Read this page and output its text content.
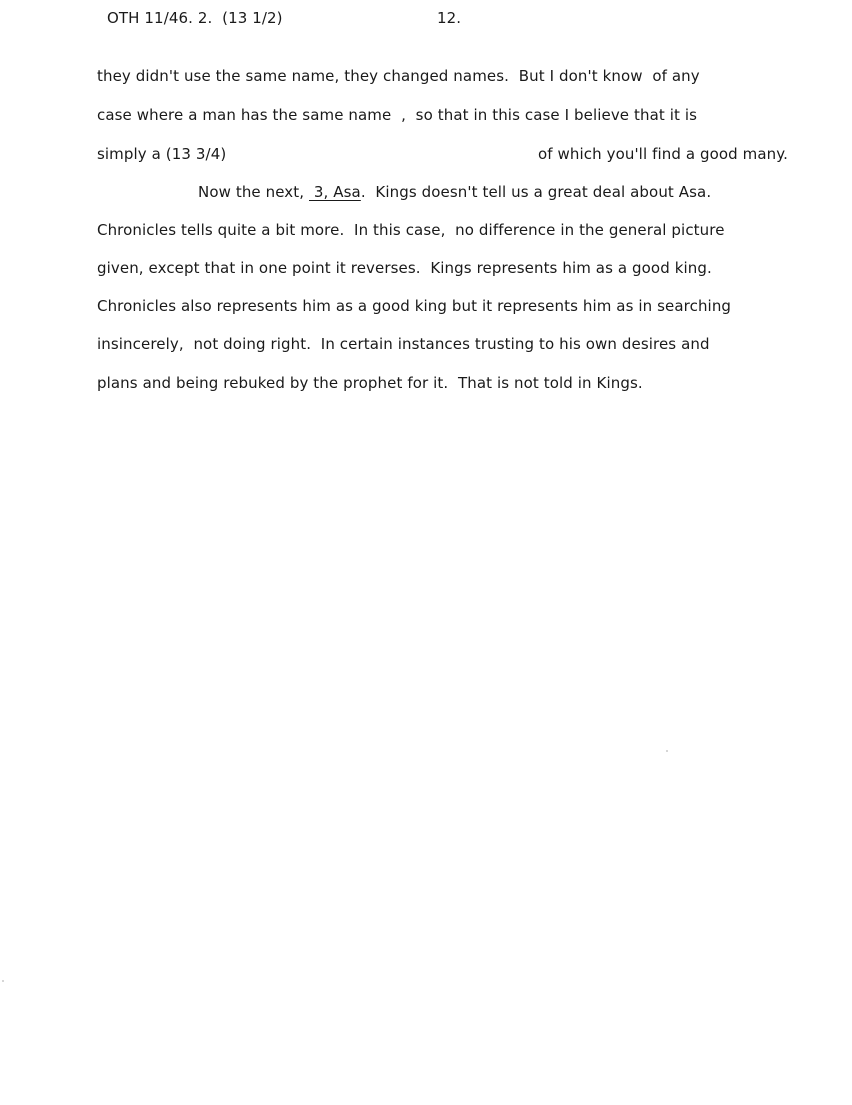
OTH 11/46. 2.  (13 1/2)	12.
they didn't use the same name, they changed names.  But I don't know  of any
case where a man has the same name  ,  so that in this case I believe that it is
simply a (13 3/4)	of which you'll find a good many.
Now the next,  3, Asa.  Kings doesn't tell us a great deal about Asa.
Chronicles tells quite a bit more.  In this case,  no difference in the general picture
given, except that in one point it reverses.  Kings represents him as a good king.
Chronicles also represents him as a good king but it represents him as in searching
insincerely,  not doing right.  In certain instances trusting to his own desires and
plans and being rebuked by the prophet for it.  That is not told in Kings.
